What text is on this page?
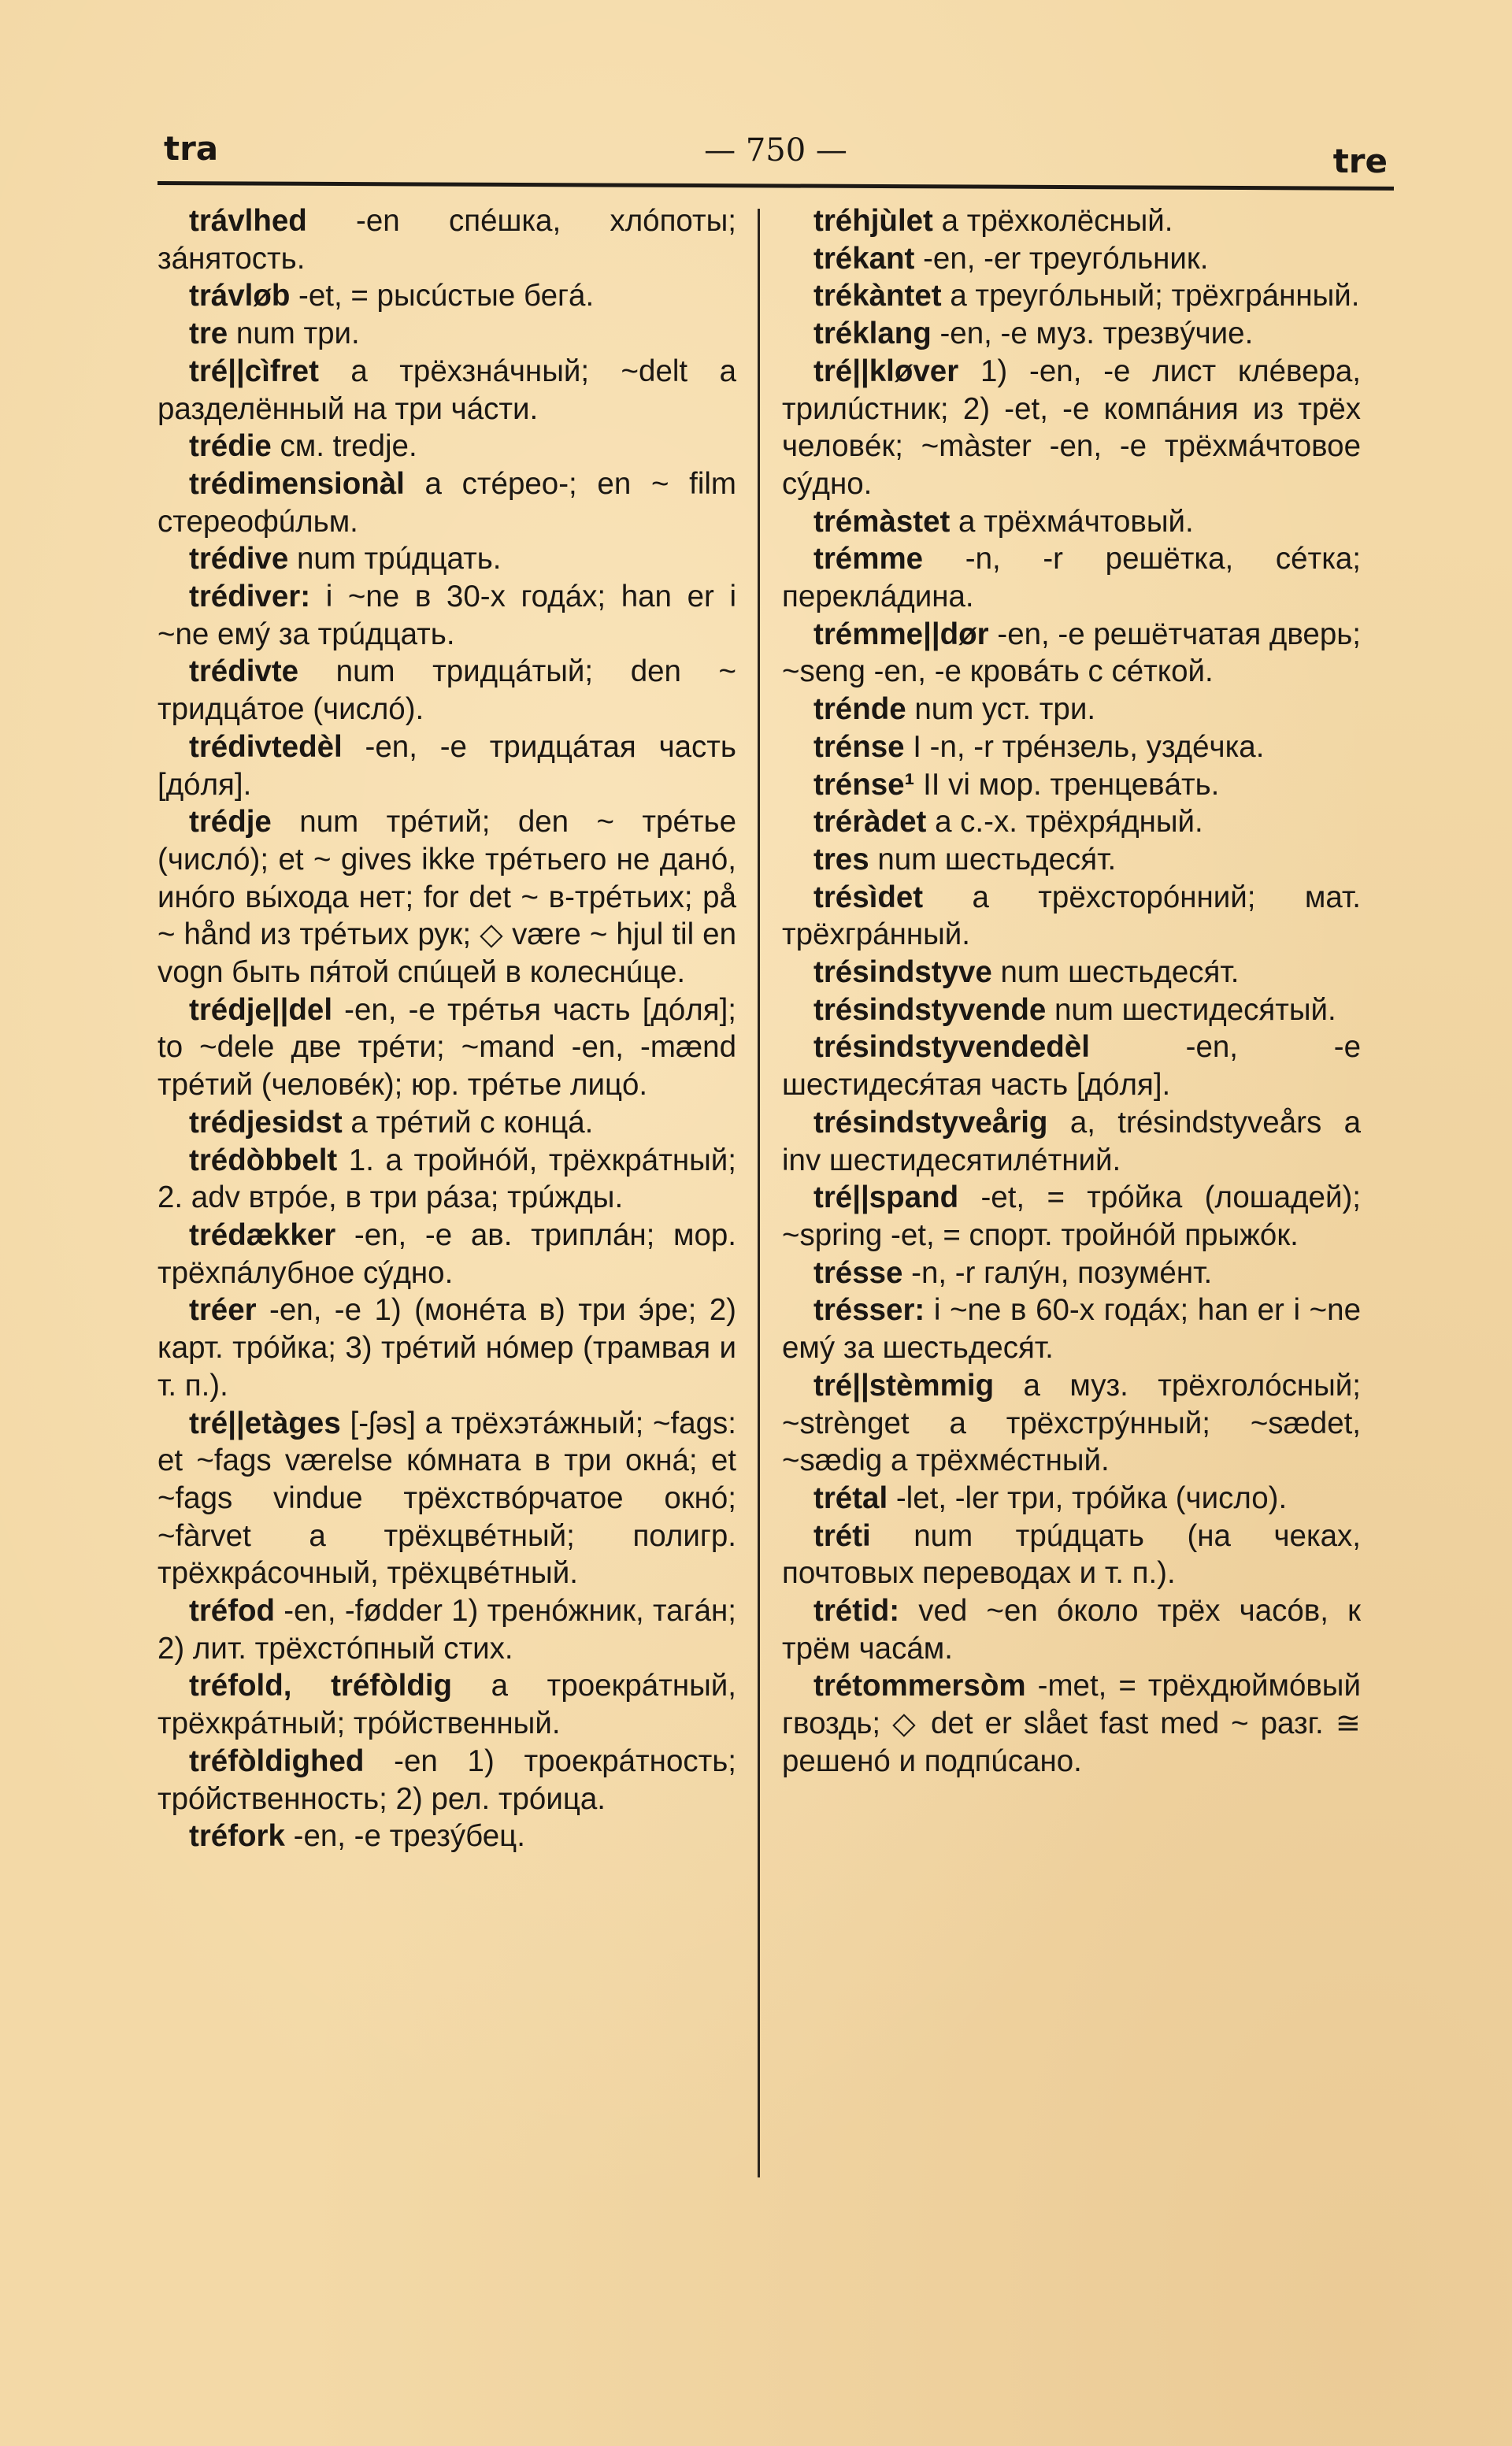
tra	— 750 —	tre

trávlhed -en спéшка, хлóпоты; зáнятость.

trávløb -et, = рысúстые бегá.

tre num три.

tré||cìfret a трёхзнáчный; ~delt a разделённый на три чáсти.

trédie см. tredje.

trédimensionàl a стéрео-; en ~ film стереофúльм.

trédive num трúдцать.

trédiver: i ~ne в 30-х годáх; han er i ~ne емý за трúдцать.

trédivte num тридцáтый; den ~ тридцáтое (числó).

trédivtedèl -en, -e тридцáтая часть [дóля].

trédje num трéтий; den ~ трéтье (числó); et ~ gives ikke трéтьего не данó, инóго вы́хода нет; for det ~ в-трéтьих; på ~ hånd из трéтьих рук; ◇ være ~ hjul til en vogn быть пя́той спúцей в колеснúце.

trédje||del -en, -e трéтья часть [дóля]; to ~dele две трéти; ~mand -en, -mænd трéтий (человéк); юр. трéтье лицó.

trédjesidst a трéтий с концá.

trédòbbelt 1. a тройнóй, трёхкрáтный; 2. adv втрóе, в три рáза; трúжды.

trédækker -en, -e ав. триплáн; мор. трёхпáлубное сýдно.

tréer -en, -e 1) (монéта в) три э́ре; 2) карт. трóйка; 3) трéтий нóмер (трамвая и т. п.).

tré||etàges [-ʃəs] a трёхэтáжный; ~fags: et ~fags værelse кóмната в три окнá; et ~fags vindue трёхствóрчатое oкнó; ~fàrvet a трёхцвéтный; полигр. трёхкрáсочный, трёхцвéтный.

tréfod -en, -fødder 1) тренóжник, тагáн; 2) лит. трёхстóпный стих.

tréfold, tréfòldig a троекрáтный, трёхкрáтный; трóйственный.

tréfòldighed -en 1) троекрáтность; трóйственность; 2) рел. трóица.

tréfork -en, -e трезýбец.

tréhjùlet a трёхколёсный.

trékant -en, -er треугóльник.

trékàntet a треугóльный; трёхгрáнный.

tréklang -en, -e муз. трезвýчие.

tré||kløver 1) -en, -e лист клéвера, трилúстник; 2) -et, -e компáния из трёх человéк; ~màster -en, -e трёхмáчтовое сýдно.

trémàstet a трёхмáчтовый.

trémme -n, -r решётка, сéтка; переклáдина.

trémme||dør -en, -e решётчатая дверь; ~seng -en, -e кровáть с сéткой.

trénde num уст. три.

trénse I -n, -r трéнзель, уздéчка.

trénse¹ II vi мор. тренцевáть.

tréràdet a с.-х. трёхря́дный.

tres num шестьдеся́т.

trésìdet a трёхсторóнний; мат. трёхгрáнный.

trésindstyve num шестьдеся́т.

trésindstyvende num шестидеся́тый.

trésindstyvendedèl -en, -e шестидеся́тая часть [дóля].

trésindstyveårig a, trésindstyveårs a inv шестидесятилéтний.

tré||spand -et, = трóйка (лошадей); ~spring -et, = спорт. тройнóй прыжóк.

trésse -n, -r галýн, позумéнт.

trésser: i ~ne в 60-х годáх; han er i ~ne емý за шестьдеся́т.

tré||stèmmig a муз. трёхголóсный; ~strènget a трёхстрýнный; ~sædet, ~sædig a трёхмéстный.

trétal -let, -ler три, трóйка (число).

tréti num трúдцать (на чеках, почтовых переводах и т. п.).

trétid: ved ~en óколо трёх часóв, к трём часáм.

trétommersòm -met, = трёхдюймóвый гвоздь; ◇ det er slået fast med ~ разг. ≅ решенó и подпúсано.
